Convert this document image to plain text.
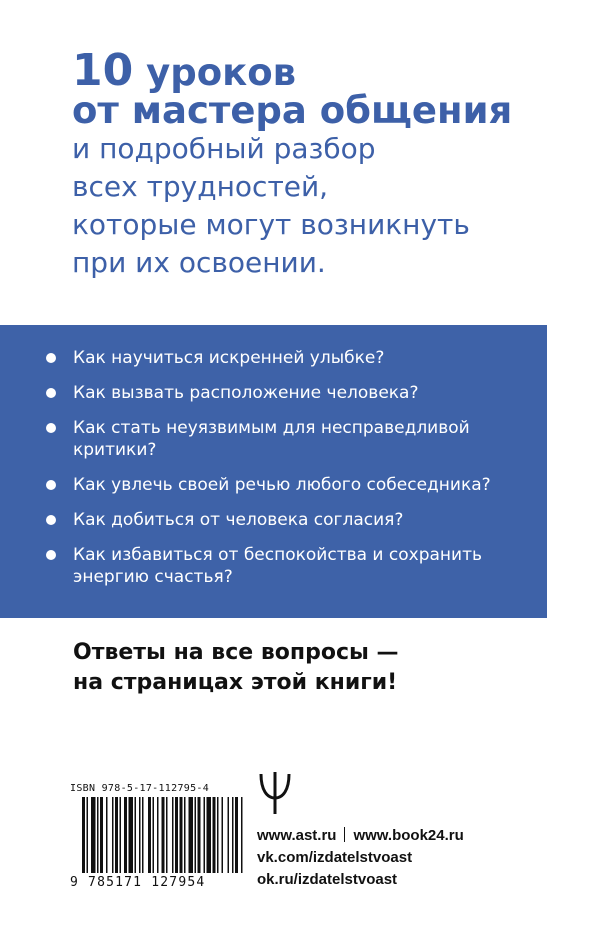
10 уроков
от мастера общения
и подробный разбор
всех трудностей,
которые могут возникнуть
при их освоении.
Как научиться искренней улыбке?
Как вызвать расположение человека?
Как стать неуязвимым для несправедливой критики?
Как увлечь своей речью любого собеседника?
Как добиться от человека согласия?
Как избавиться от беспокойства и сохранить энергию счастья?
Ответы на все вопросы —
на страницах этой книги!
ISBN 978-5-17-112795-4
9 785171 127954
www.ast.ru www.book24.ru
vk.com/izdatelstvoast
ok.ru/izdatelstvoast
